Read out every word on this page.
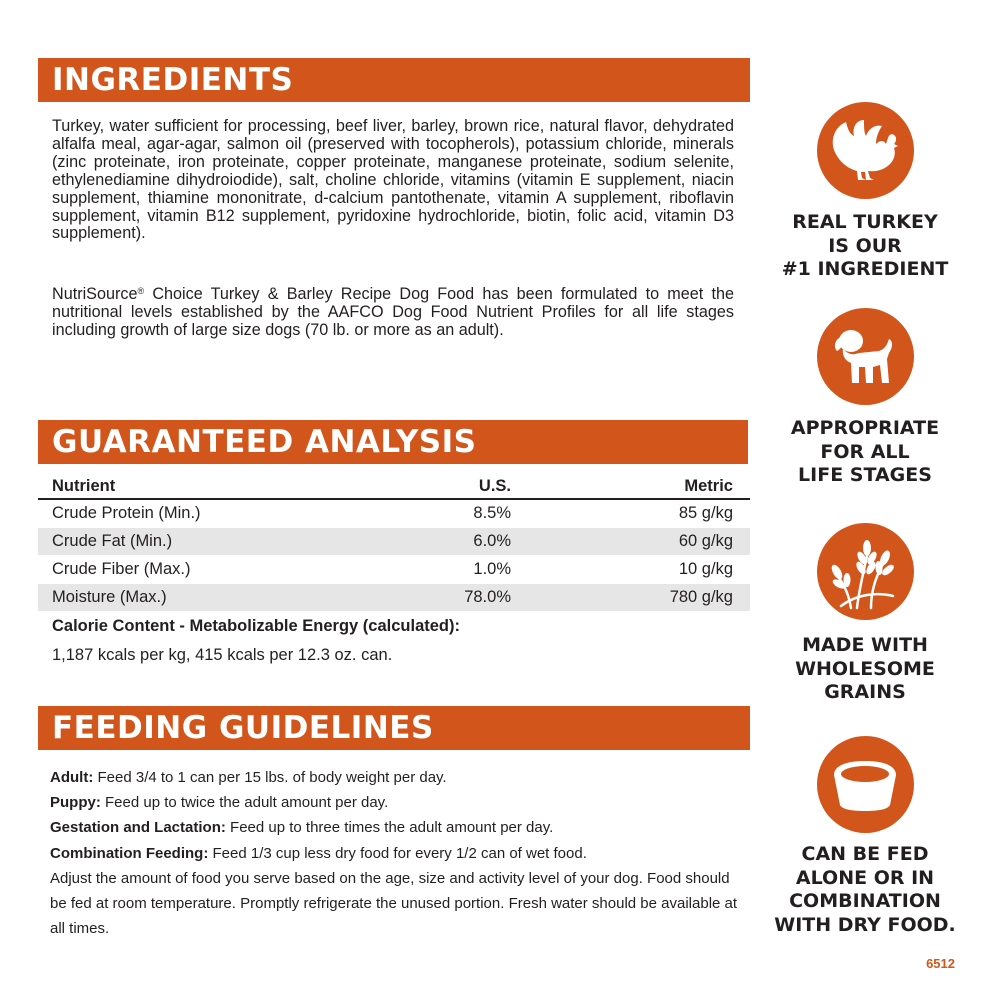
INGREDIENTS

Turkey, water sufficient for processing, beef liver, barley, brown rice, natural flavor, dehydrated alfalfa meal, agar-agar, salmon oil (preserved with tocopherols), potassium chloride, minerals (zinc proteinate, iron proteinate, copper proteinate, manganese proteinate, sodium selenite, ethylenediamine dihydroiodide), salt, choline chloride, vitamins (vitamin E supplement, niacin supplement, thiamine mononitrate, d-calcium pantothenate, vitamin A supplement, riboflavin supplement, vitamin B12 supplement, pyridoxine hydrochloride, biotin, folic acid, vitamin D3 supplement).

NutriSource® Choice Turkey & Barley Recipe Dog Food has been formulated to meet the nutritional levels established by the AAFCO Dog Food Nutrient Profiles for all life stages including growth of large size dogs (70 lb. or more as an adult).

GUARANTEED ANALYSIS
Nutrient	U.S.	Metric
Crude Protein (Min.)	8.5%	85 g/kg
Crude Fat (Min.)	6.0%	60 g/kg
Crude Fiber (Max.)	1.0%	10 g/kg
Moisture (Max.)	78.0%	780 g/kg
Calorie Content - Metabolizable Energy (calculated):
1,187 kcals per kg, 415 kcals per 12.3 oz. can.
FEEDING GUIDELINES
Adult: Feed 3/4 to 1 can per 15 lbs. of body weight per day.
Puppy: Feed up to twice the adult amount per day.
Gestation and Lactation: Feed up to three times the adult amount per day.
Combination Feeding: Feed 1/3 cup less dry food for every 1/2 can of wet food.
Adjust the amount of food you serve based on the age, size and activity level of your dog. Food should be fed at room temperature. Promptly refrigerate the unused portion. Fresh water should be available at all times.
REAL TURKEY
IS OUR
#1 INGREDIENT
APPROPRIATE
FOR ALL
LIFE STAGES
MADE WITH
WHOLESOME
GRAINS
CAN BE FED
ALONE OR IN
COMBINATION
WITH DRY FOOD.
6512
